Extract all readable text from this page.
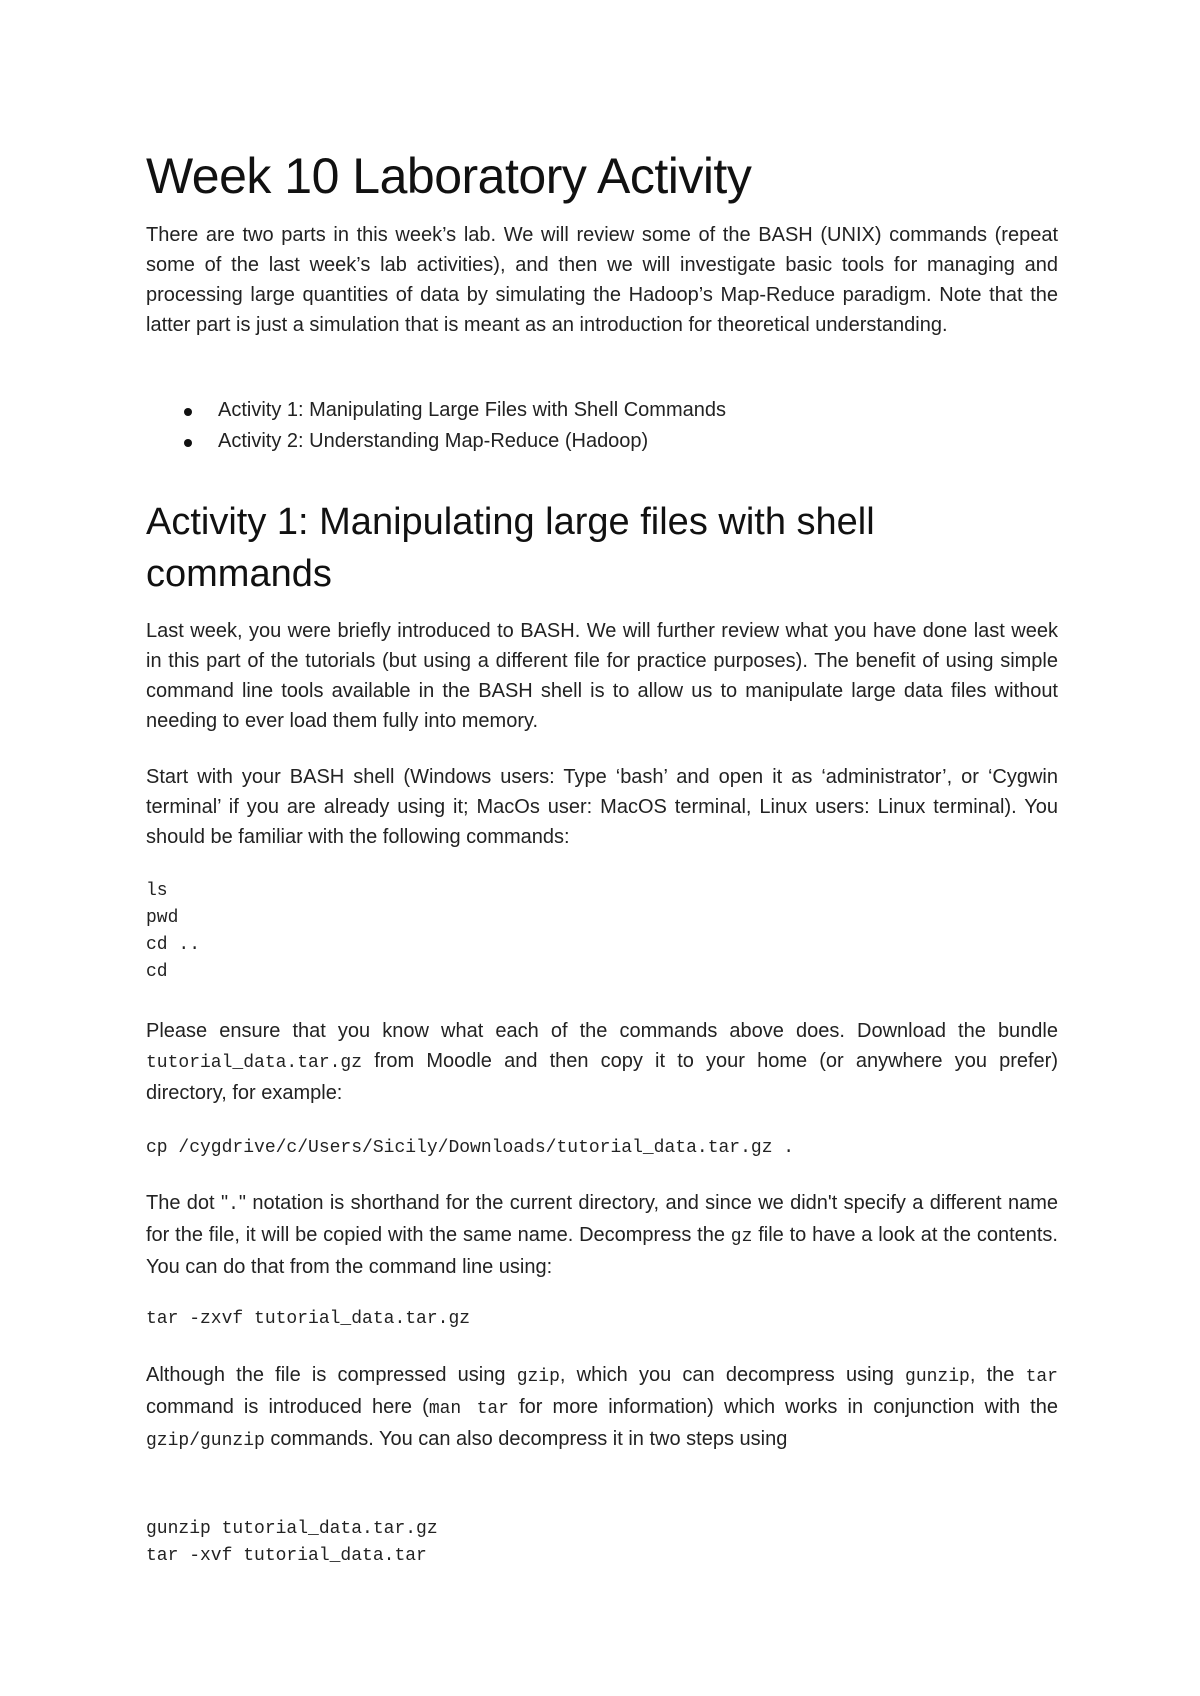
Week 10 Laboratory Activity

There are two parts in this week’s lab. We will review some of the BASH (UNIX) commands (repeat some of the last week’s lab activities), and then we will investigate basic tools for managing and processing large quantities of data by simulating the Hadoop’s Map-Reduce paradigm. Note that the latter part is just a simulation that is meant as an introduction for theoretical understanding.

Activity 1: Manipulating Large Files with Shell Commands
Activity 2: Understanding Map-Reduce (Hadoop)
Activity 1: Manipulating large files with shell commands

Last week, you were briefly introduced to BASH. We will further review what you have done last week in this part of the tutorials (but using a different file for practice purposes). The benefit of using simple command line tools available in the BASH shell is to allow us to manipulate large data files without needing to ever load them fully into memory.

Start with your BASH shell (Windows users: Type ‘bash’ and open it as ‘administrator’, or ‘Cygwin terminal’ if you are already using it; MacOs user: MacOS terminal, Linux users: Linux terminal). You should be familiar with the following commands:

ls
pwd
cd ..
cd

Please ensure that you know what each of the commands above does. Download the bundle tutorial_data.tar.gz from Moodle and then copy it to your home (or anywhere you prefer) directory, for example:

cp /cygdrive/c/Users/Sicily/Downloads/tutorial_data.tar.gz .

The dot "." notation is shorthand for the current directory, and since we didn't specify a different name for the file, it will be copied with the same name. Decompress the gz file to have a look at the contents. You can do that from the command line using:

tar -zxvf tutorial_data.tar.gz

Although the file is compressed using gzip, which you can decompress using gunzip, the tar command is introduced here (man tar for more information) which works in conjunction with the gzip/gunzip commands. You can also decompress it in two steps using

gunzip tutorial_data.tar.gz
tar -xvf tutorial_data.tar
